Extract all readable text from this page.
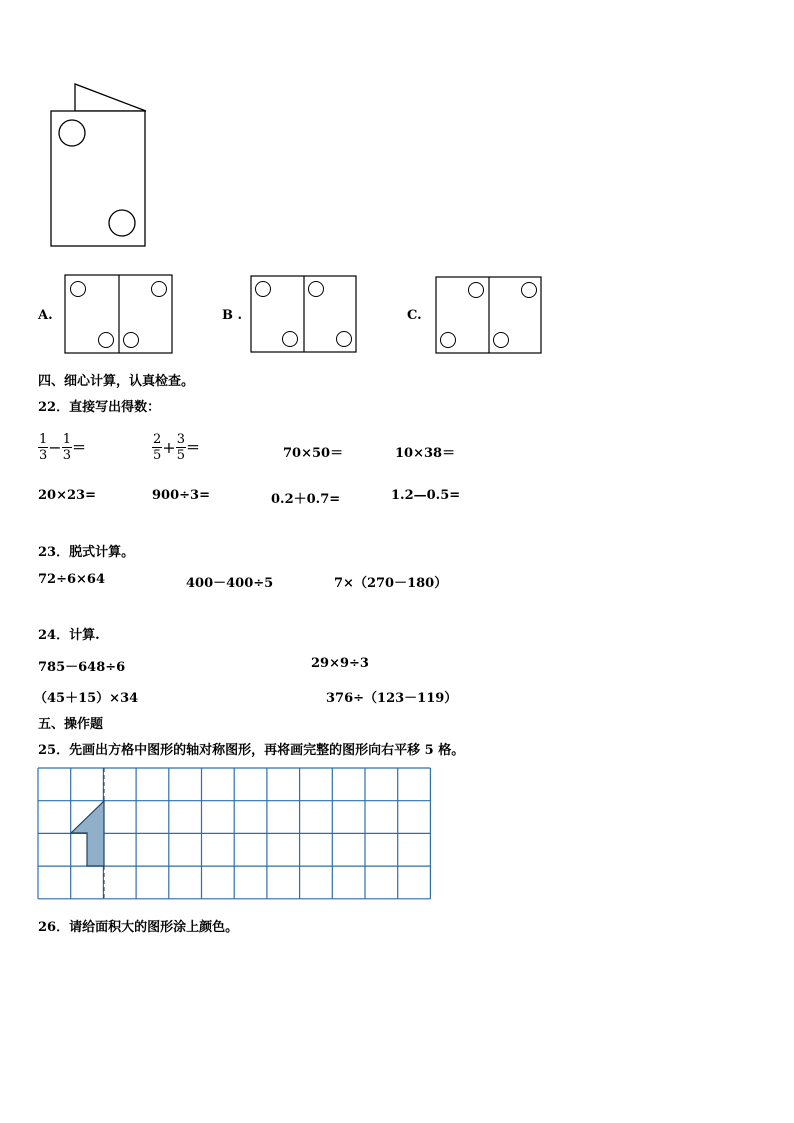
A.	B .	C.
四、细心计算，认真检查。
22．直接写出得数：
$\frac{1}{3} - \frac{1}{3}$ ＝	$\frac{2}{5} + \frac{3}{5}$ ＝	70×50＝	10×38＝
20×23=	900÷3=	0.2＋0.7=	1.2—0.5=
23．脱式计算。
72÷6×64	400－400÷5	7×（270－180）
24．计算.
785－648÷6	29×9÷3
（45＋15）×34	376÷（123－119）
五、操作题
25．先画出方格中图形的轴对称图形，再将画完整的图形向右平移 5 格。
26．请给面积大的图形涂上颜色。
